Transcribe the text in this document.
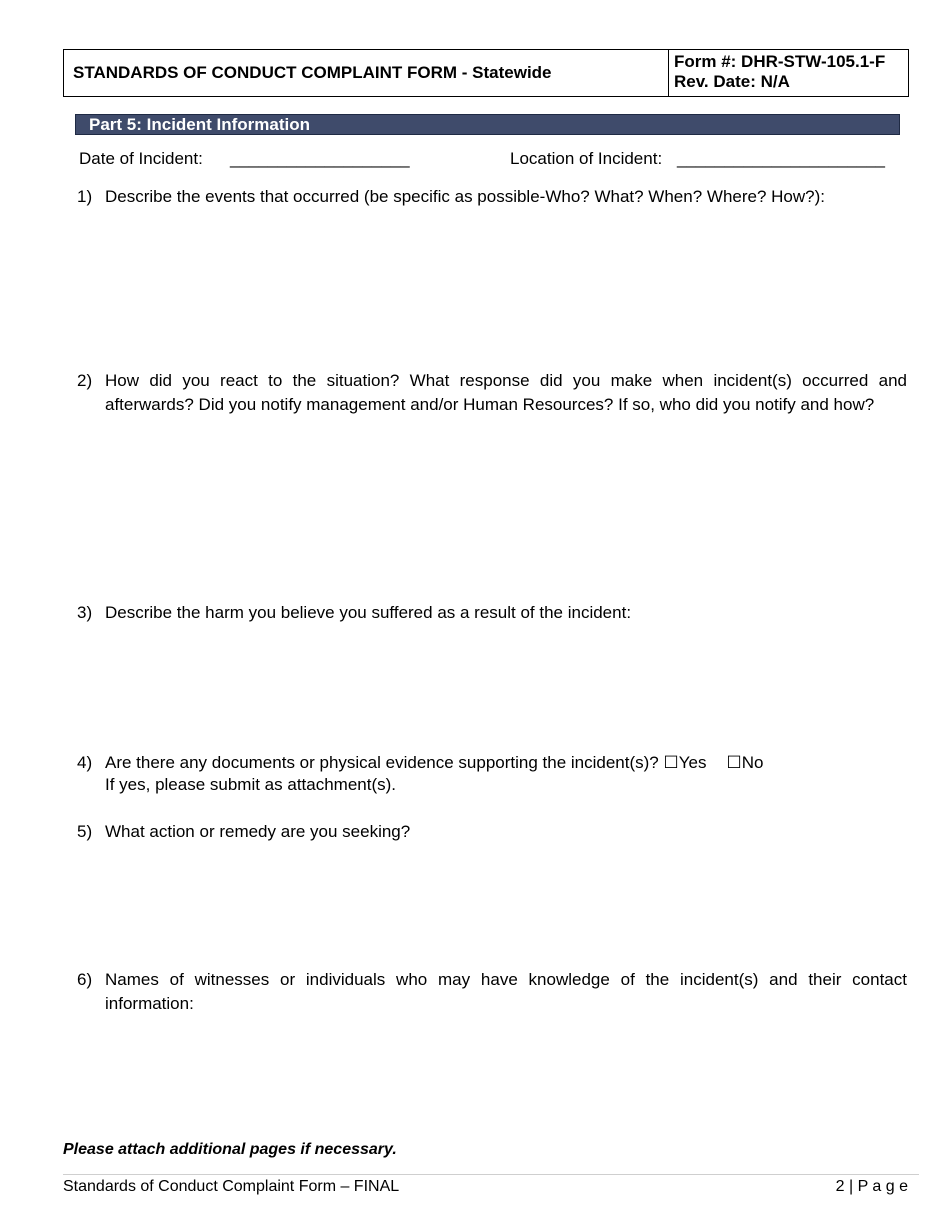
STANDARDS OF CONDUCT COMPLAINT FORM - Statewide
Form #: DHR-STW-105.1-F
Rev. Date: N/A
Part 5: Incident Information
Date of Incident: ___________________	Location of Incident: ______________________
1) Describe the events that occurred (be specific as possible-Who? What? When? Where? How?):
2) How did you react to the situation? What response did you make when incident(s) occurred and afterwards? Did you notify management and/or Human Resources? If so, who did you notify and how?
3) Describe the harm you believe you suffered as a result of the incident:
4) Are there any documents or physical evidence supporting the incident(s)? ☐Yes ☐No
If yes, please submit as attachment(s).
5) What action or remedy are you seeking?
6) Names of witnesses or individuals who may have knowledge of the incident(s) and their contact information:
Please attach additional pages if necessary.
Standards of Conduct Complaint Form – FINAL	2 | P a g e
